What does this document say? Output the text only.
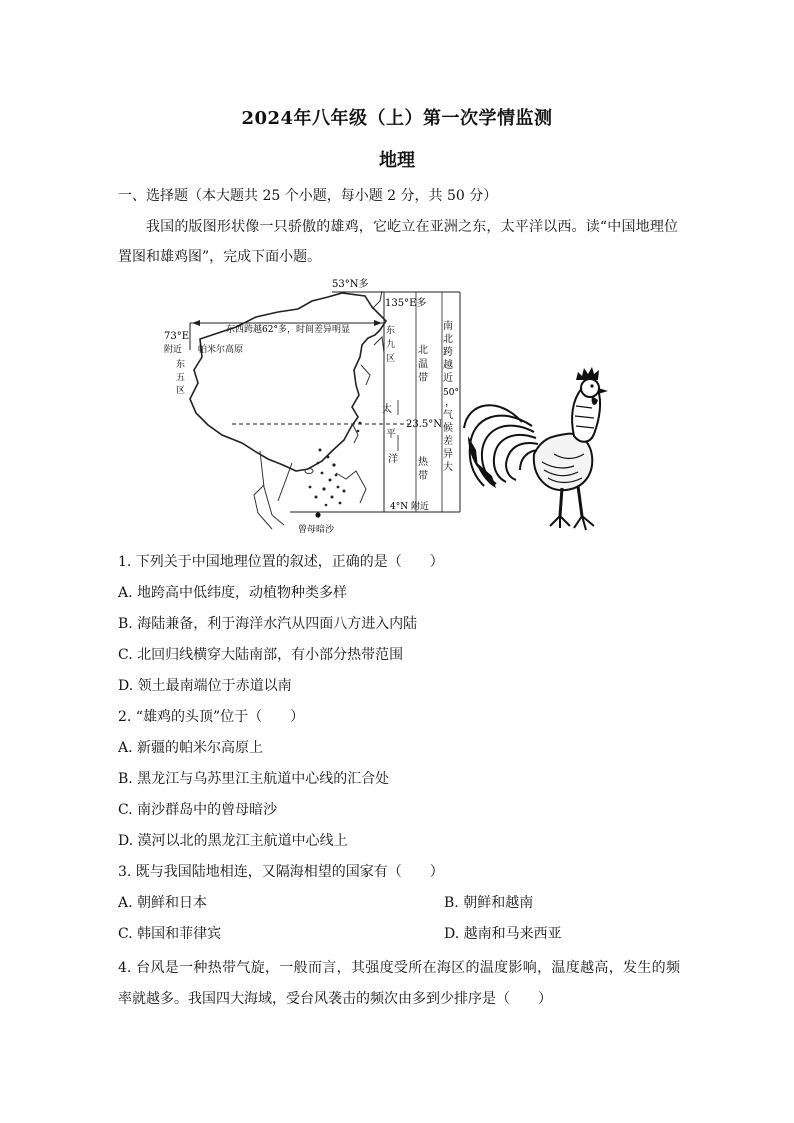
2024年八年级（上）第一次学情监测
地理
一、选择题（本大题共 25 个小题，每小题 2 分，共 50 分）
我国的版图形状像一只骄傲的雄鸡，它屹立在亚洲之东，太平洋以西。读“中国地理位置图和雄鸡图”，完成下面小题。
53°N多
135°E多
73°E
附近
东
五
区
东西跨越62°多，时间差异明显
帕米尔高原
东
九
区
北
温
带
太
平
洋
23.5°N
热
带
4°N 附近
曾母暗沙
南
北
跨
越
近
50°
，
气
候
差
异
大
1. 下列关于中国地理位置的叙述，正确的是（　　）
A. 地跨高中低纬度，动植物种类多样
B. 海陆兼备，利于海洋水汽从四面八方进入内陆
C. 北回归线横穿大陆南部，有小部分热带范围
D. 领土最南端位于赤道以南
2. “雄鸡的头顶”位于（　　）
A. 新疆的帕米尔高原上
B. 黑龙江与乌苏里江主航道中心线的汇合处
C. 南沙群岛中的曾母暗沙
D. 漠河以北的黑龙江主航道中心线上
3. 既与我国陆地相连，又隔海相望的国家有（　　）
A. 朝鲜和日本	B. 朝鲜和越南
C. 韩国和菲律宾	D. 越南和马来西亚
4. 台风是一种热带气旋，一般而言，其强度受所在海区的温度影响，温度越高，发生的频率就越多。我国四大海域，受台风袭击的频次由多到少排序是（　　）
